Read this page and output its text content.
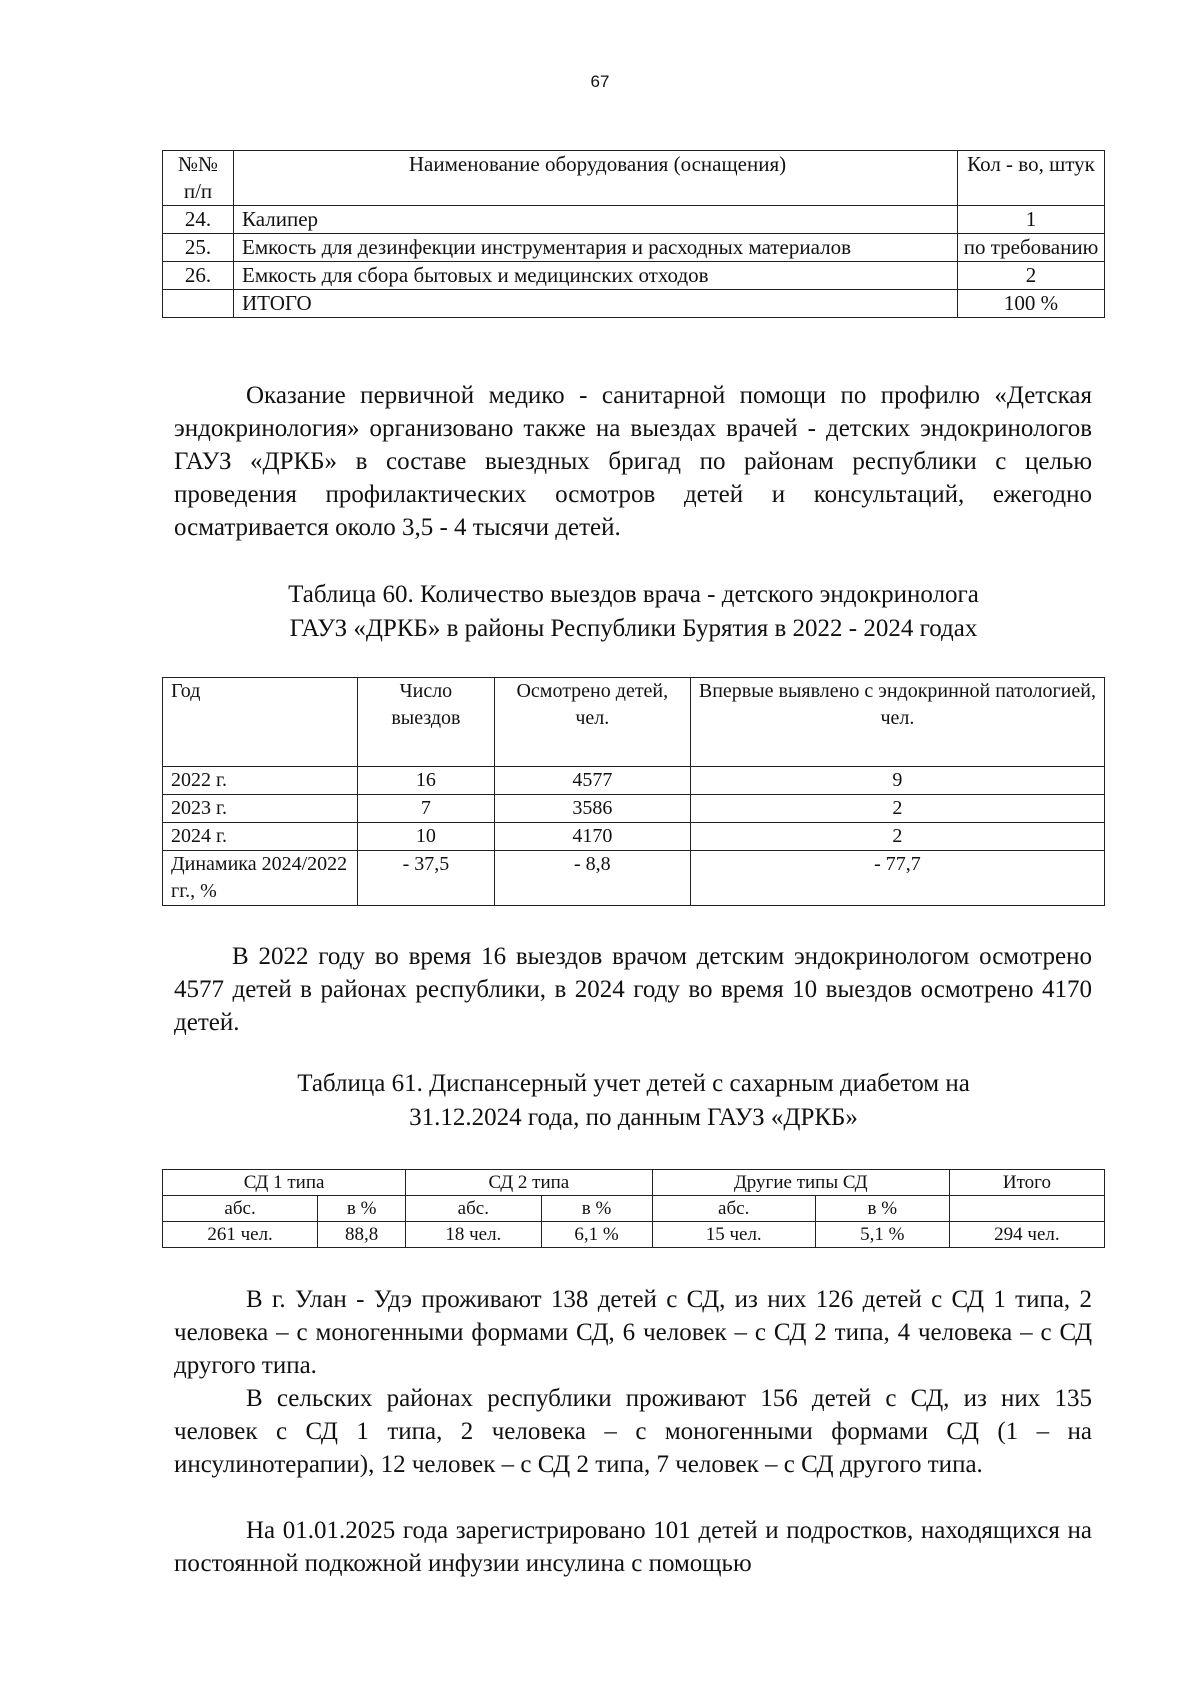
67
№№ п/п	Наименование оборудования (оснащения)	Кол - во, штук
24.	Калипер	1
25.	Емкость для дезинфекции инструментария и расходных материалов	по требованию
26.	Емкость для сбора бытовых и медицинских отходов	2
	ИТОГО	100 %

Оказание первичной медико - санитарной помощи по профилю «Детская эндокринология» организовано также на выездах врачей - детских эндокринологов ГАУЗ «ДРКБ» в составе выездных бригад по районам республики с целью проведения профилактических осмотров детей и консультаций, ежегодно осматривается около 3,5 - 4 тысячи детей.

Таблица 60. Количество выездов врача - детского эндокринолога
ГАУЗ «ДРКБ» в районы Республики Бурятия в 2022 - 2024 годах

Год	Число выездов	Осмотрено детей, чел.	Впервые выявлено с эндокринной патологией, чел.
2022 г.	16	4577	9
2023 г.	7	3586	2
2024 г.	10	4170	2
Динамика 2024/2022 гг., %	- 37,5	- 8,8	- 77,7

В 2022 году во время 16 выездов врачом детским эндокринологом осмотрено 4577 детей в районах республики, в 2024 году во время 10 выездов осмотрено 4170 детей.

Таблица 61. Диспансерный учет детей с сахарным диабетом на
31.12.2024 года, по данным ГАУЗ «ДРКБ»

СД 1 типа		СД 2 типа		Другие типы СД		Итого
абс.	в %	абс.	в %	абс.	в %	
261 чел.	88,8	18 чел.	6,1 %	15 чел.	5,1 %	294 чел.

В г. Улан - Удэ проживают 138 детей с СД, из них 126 детей с СД 1 типа, 2 человека – с моногенными формами СД, 6 человек – с СД 2 типа, 4 человека – с СД другого типа.

В сельских районах республики проживают 156 детей с СД, из них 135 человек с СД 1 типа, 2 человека – с моногенными формами СД (1 – на инсулинотерапии), 12 человек – с СД 2 типа, 7 человек – с СД другого типа.

На 01.01.2025 года зарегистрировано 101 детей и подростков, находящихся на постоянной подкожной инфузии инсулина с помощью
